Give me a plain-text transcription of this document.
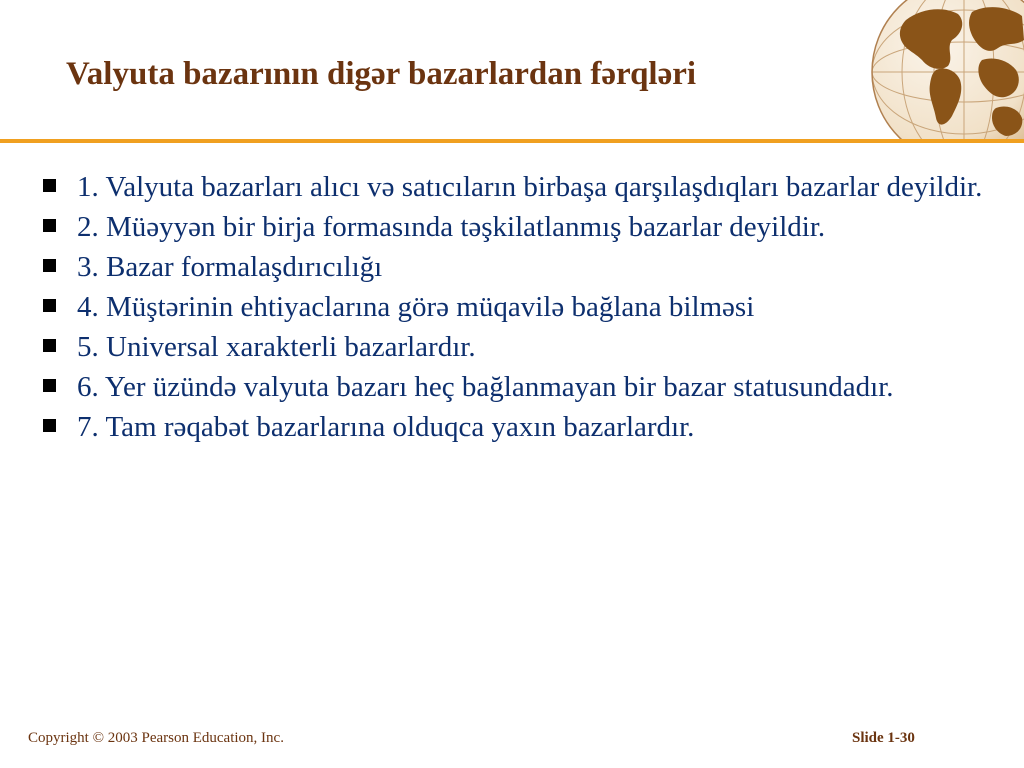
Valyuta bazarının digər bazarlardan fərqləri
1. Valyuta bazarları alıcı və satıcıların birbaşa qarşılaşdıqları bazarlar deyildir.
2. Müəyyən bir birja formasında təşkilatlanmış bazarlar deyildir.
3. Bazar formalaşdırıcılığı
4. Müştərinin ehtiyaclarına görə müqavilə bağlana bilməsi
5. Universal xarakterli bazarlardır.
6. Yer üzündə valyuta bazarı heç bağlanmayan bir bazar statusundadır.
7. Tam rəqabət bazarlarına olduqca yaxın bazarlardır.
Copyright © 2003 Pearson Education, Inc.	Slide 1-30
